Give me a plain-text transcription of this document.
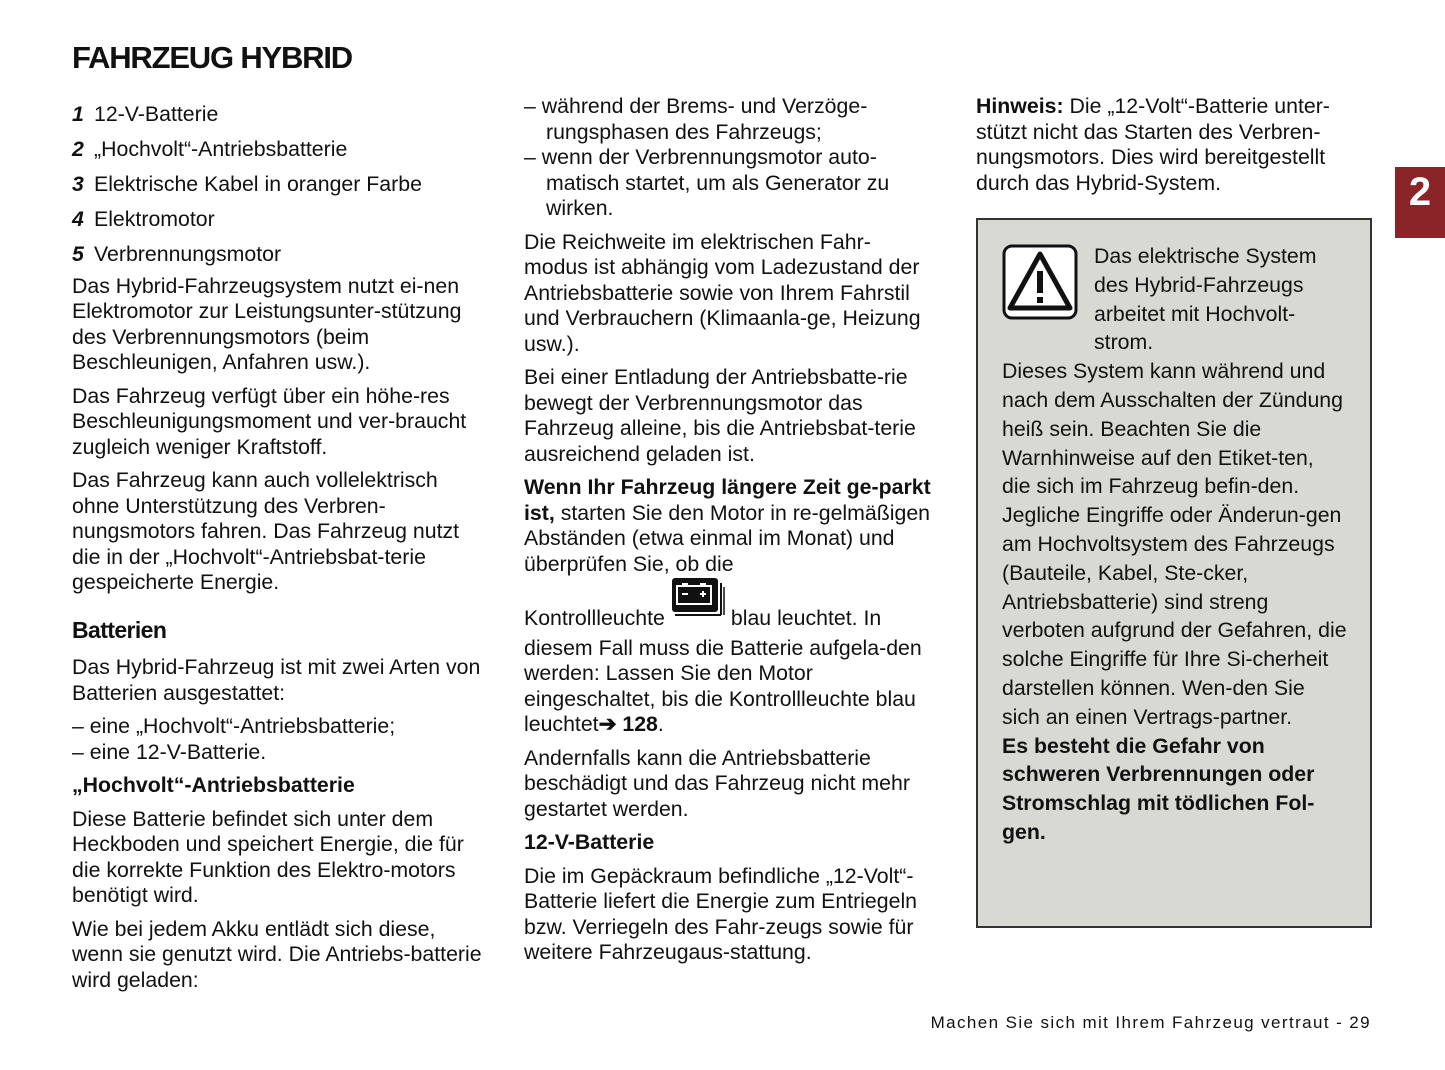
FAHRZEUG HYBRID
2
1 12-V-Batterie
2 „Hochvolt“-Antriebsbatterie
3 Elektrische Kabel in oranger Farbe
4 Elektromotor
5 Verbrennungsmotor

Das Hybrid-Fahrzeugsystem nutzt ei-nen Elektromotor zur Leistungsunter-stützung des Verbrennungsmotors (beim Beschleunigen, Anfahren usw.).

Das Fahrzeug verfügt über ein höhe-res Beschleunigungsmoment und ver-braucht zugleich weniger Kraftstoff.

Das Fahrzeug kann auch vollelektrisch ohne Unterstützung des Verbren-nungsmotors fahren. Das Fahrzeug nutzt die in der „Hochvolt“-Antriebsbat-terie gespeicherte Energie.

Batterien

Das Hybrid-Fahrzeug ist mit zwei Arten von Batterien ausgestattet:

– eine „Hochvolt“-Antriebsbatterie;
– eine 12-V-Batterie.

„Hochvolt“-Antriebsbatterie

Diese Batterie befindet sich unter dem Heckboden und speichert Energie, die für die korrekte Funktion des Elektro-motors benötigt wird.

Wie bei jedem Akku entlädt sich diese, wenn sie genutzt wird. Die Antriebs-batterie wird geladen:

– während der Brems- und Verzöge-rungsphasen des Fahrzeugs;
– wenn der Verbrennungsmotor auto-matisch startet, um als Generator zu wirken.

Die Reichweite im elektrischen Fahr-modus ist abhängig vom Ladezustand der Antriebsbatterie sowie von Ihrem Fahrstil und Verbrauchern (Klimaanla-ge, Heizung usw.).

Bei einer Entladung der Antriebsbatte-rie bewegt der Verbrennungsmotor das Fahrzeug alleine, bis die Antriebsbat-terie ausreichend geladen ist.

Wenn Ihr Fahrzeug längere Zeit ge-parkt ist, starten Sie den Motor in re-gelmäßigen Abständen (etwa einmal im Monat) und überprüfen Sie, ob die

Kontrollleuchte	blau leuchtet. In diesem Fall muss die Batterie aufgela-den werden: Lassen Sie den Motor eingeschaltet, bis die Kontrollleuchte blau leuchtet➔ 128.

Andernfalls kann die Antriebsbatterie beschädigt und das Fahrzeug nicht mehr gestartet werden.

12-V-Batterie

Die im Gepäckraum befindliche „12-Volt“-Batterie liefert die Energie zum Entriegeln bzw. Verriegeln des Fahr-zeugs sowie für weitere Fahrzeugaus-stattung.

Hinweis: Die „12-Volt“-Batterie unter-stützt nicht das Starten des Verbren-nungsmotors. Dies wird bereitgestellt durch das Hybrid-System.

Das elektrische System des Hybrid-Fahrzeugs arbeitet mit Hochvolt-strom.

Dieses System kann während und nach dem Ausschalten der Zündung heiß sein. Beachten Sie die Warnhinweise auf den Etiket-ten, die sich im Fahrzeug befin-den.

Jegliche Eingriffe oder Änderun-gen am Hochvoltsystem des Fahrzeugs (Bauteile, Kabel, Ste-cker, Antriebsbatterie) sind streng verboten aufgrund der Gefahren, die solche Eingriffe für Ihre Si-cherheit darstellen können. Wen-den Sie sich an einen Vertrags-partner.

Es besteht die Gefahr von schweren Verbrennungen oder Stromschlag mit tödlichen Fol-gen.

Machen Sie sich mit Ihrem Fahrzeug vertraut - 29
